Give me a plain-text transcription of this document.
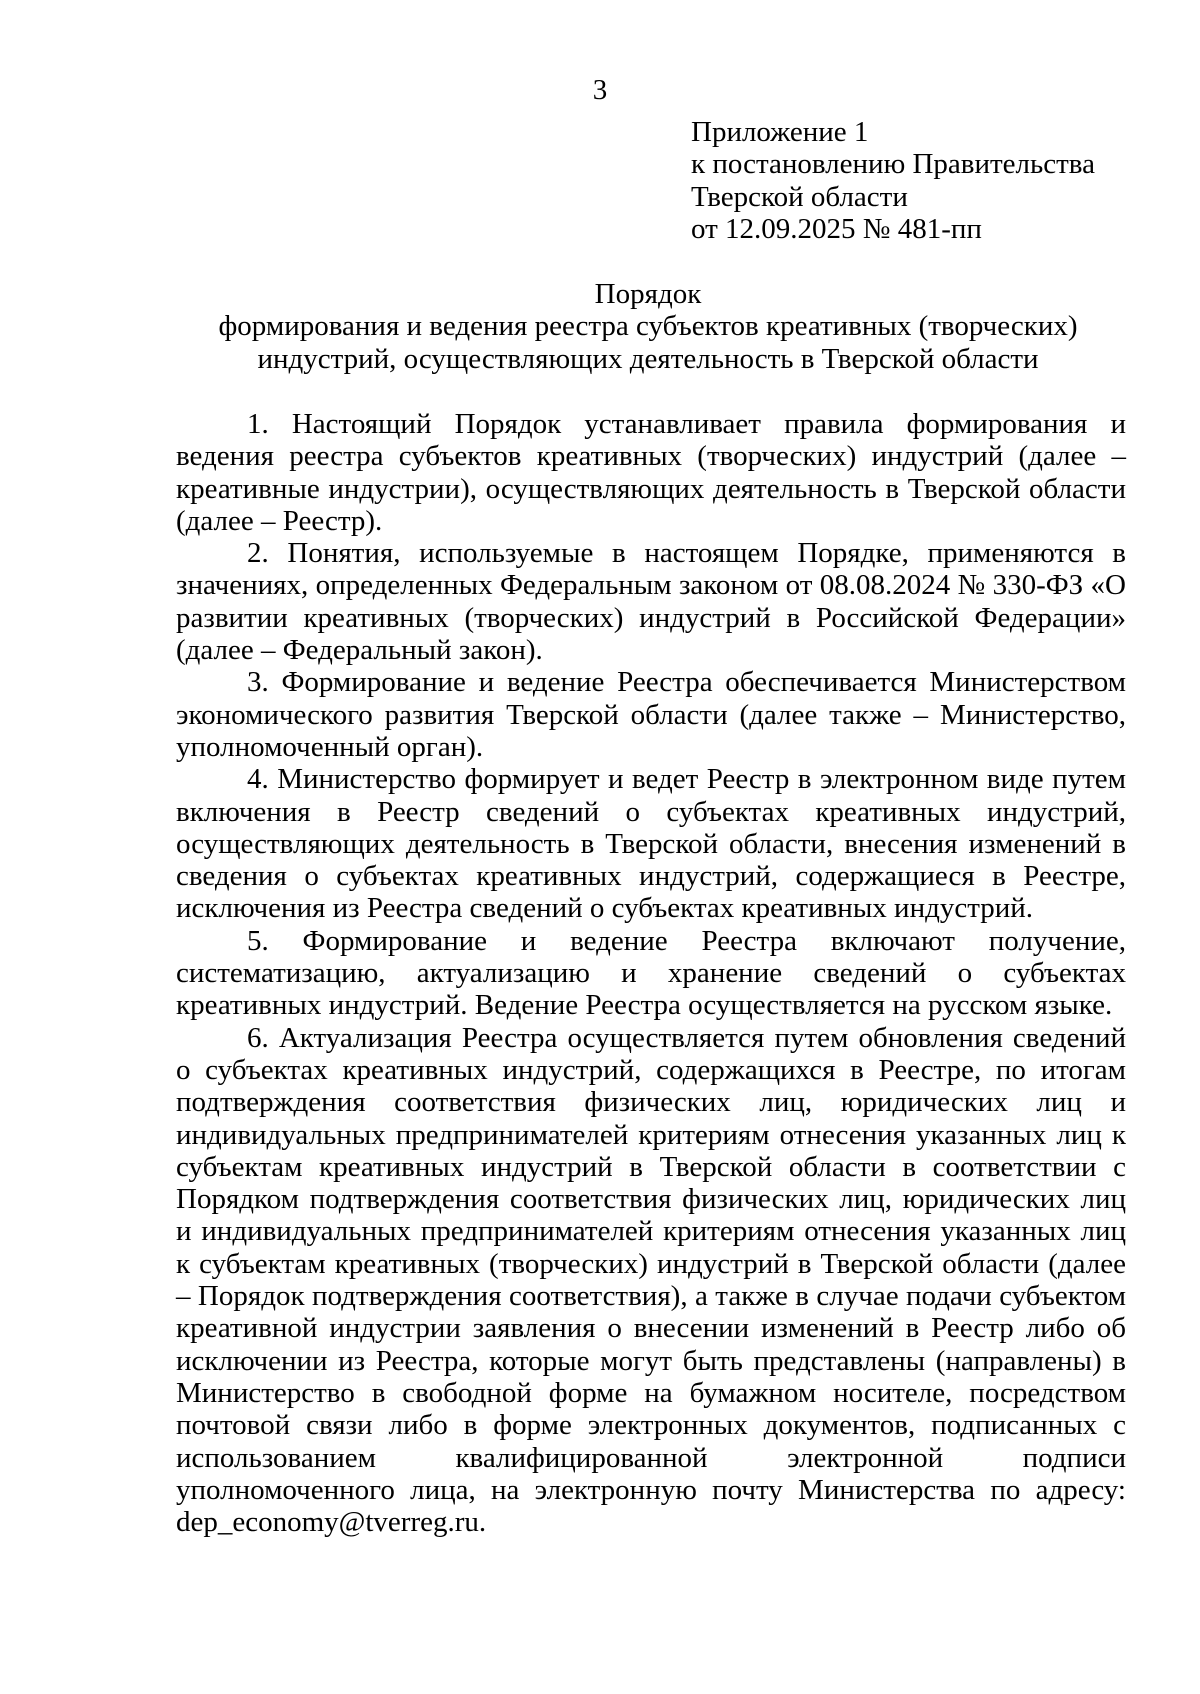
3

Приложение 1
к постановлению Правительства
Тверской области
от 12.09.2025 № 481-пп
Порядок
формирования и ведения реестра субъектов креативных (творческих)
индустрий, осуществляющих деятельность в Тверской области

1. Настоящий Порядок устанавливает правила формирования и ведения реестра субъектов креативных (творческих) индустрий (далее – креативные индустрии), осуществляющих деятельность в Тверской области (далее – Реестр).

2. Понятия, используемые в настоящем Порядке, применяются в значениях, определенных Федеральным законом от 08.08.2024 № 330-ФЗ «О развитии креативных (творческих) индустрий в Российской Федерации» (далее – Федеральный закон).

3. Формирование и ведение Реестра обеспечивается Министерством экономического развития Тверской области (далее также – Министерство, уполномоченный орган).

4. Министерство формирует и ведет Реестр в электронном виде путем включения в Реестр сведений о субъектах креативных индустрий, осуществляющих деятельность в Тверской области, внесения изменений в сведения о субъектах креативных индустрий, содержащиеся в Реестре, исключения из Реестра сведений о субъектах креативных индустрий.

5. Формирование и ведение Реестра включают получение, систематизацию, актуализацию и хранение сведений о субъектах креативных индустрий. Ведение Реестра осуществляется на русском языке.

6. Актуализация Реестра осуществляется путем обновления сведений о субъектах креативных индустрий, содержащихся в Реестре, по итогам подтверждения соответствия физических лиц, юридических лиц и индивидуальных предпринимателей критериям отнесения указанных лиц к субъектам креативных индустрий в Тверской области в соответствии с Порядком подтверждения соответствия физических лиц, юридических лиц и индивидуальных предпринимателей критериям отнесения указанных лиц к субъектам креативных (творческих) индустрий в Тверской области (далее – Порядок подтверждения соответствия), а также в случае подачи субъектом креативной индустрии заявления о внесении изменений в Реестр либо об исключении из Реестра, которые могут быть представлены (направлены) в Министерство в свободной форме на бумажном носителе, посредством почтовой связи либо в форме электронных документов, подписанных с использованием квалифицированной электронной подписи уполномоченного лица, на электронную почту Министерства по адресу: dep_economy@tverreg.ru.
